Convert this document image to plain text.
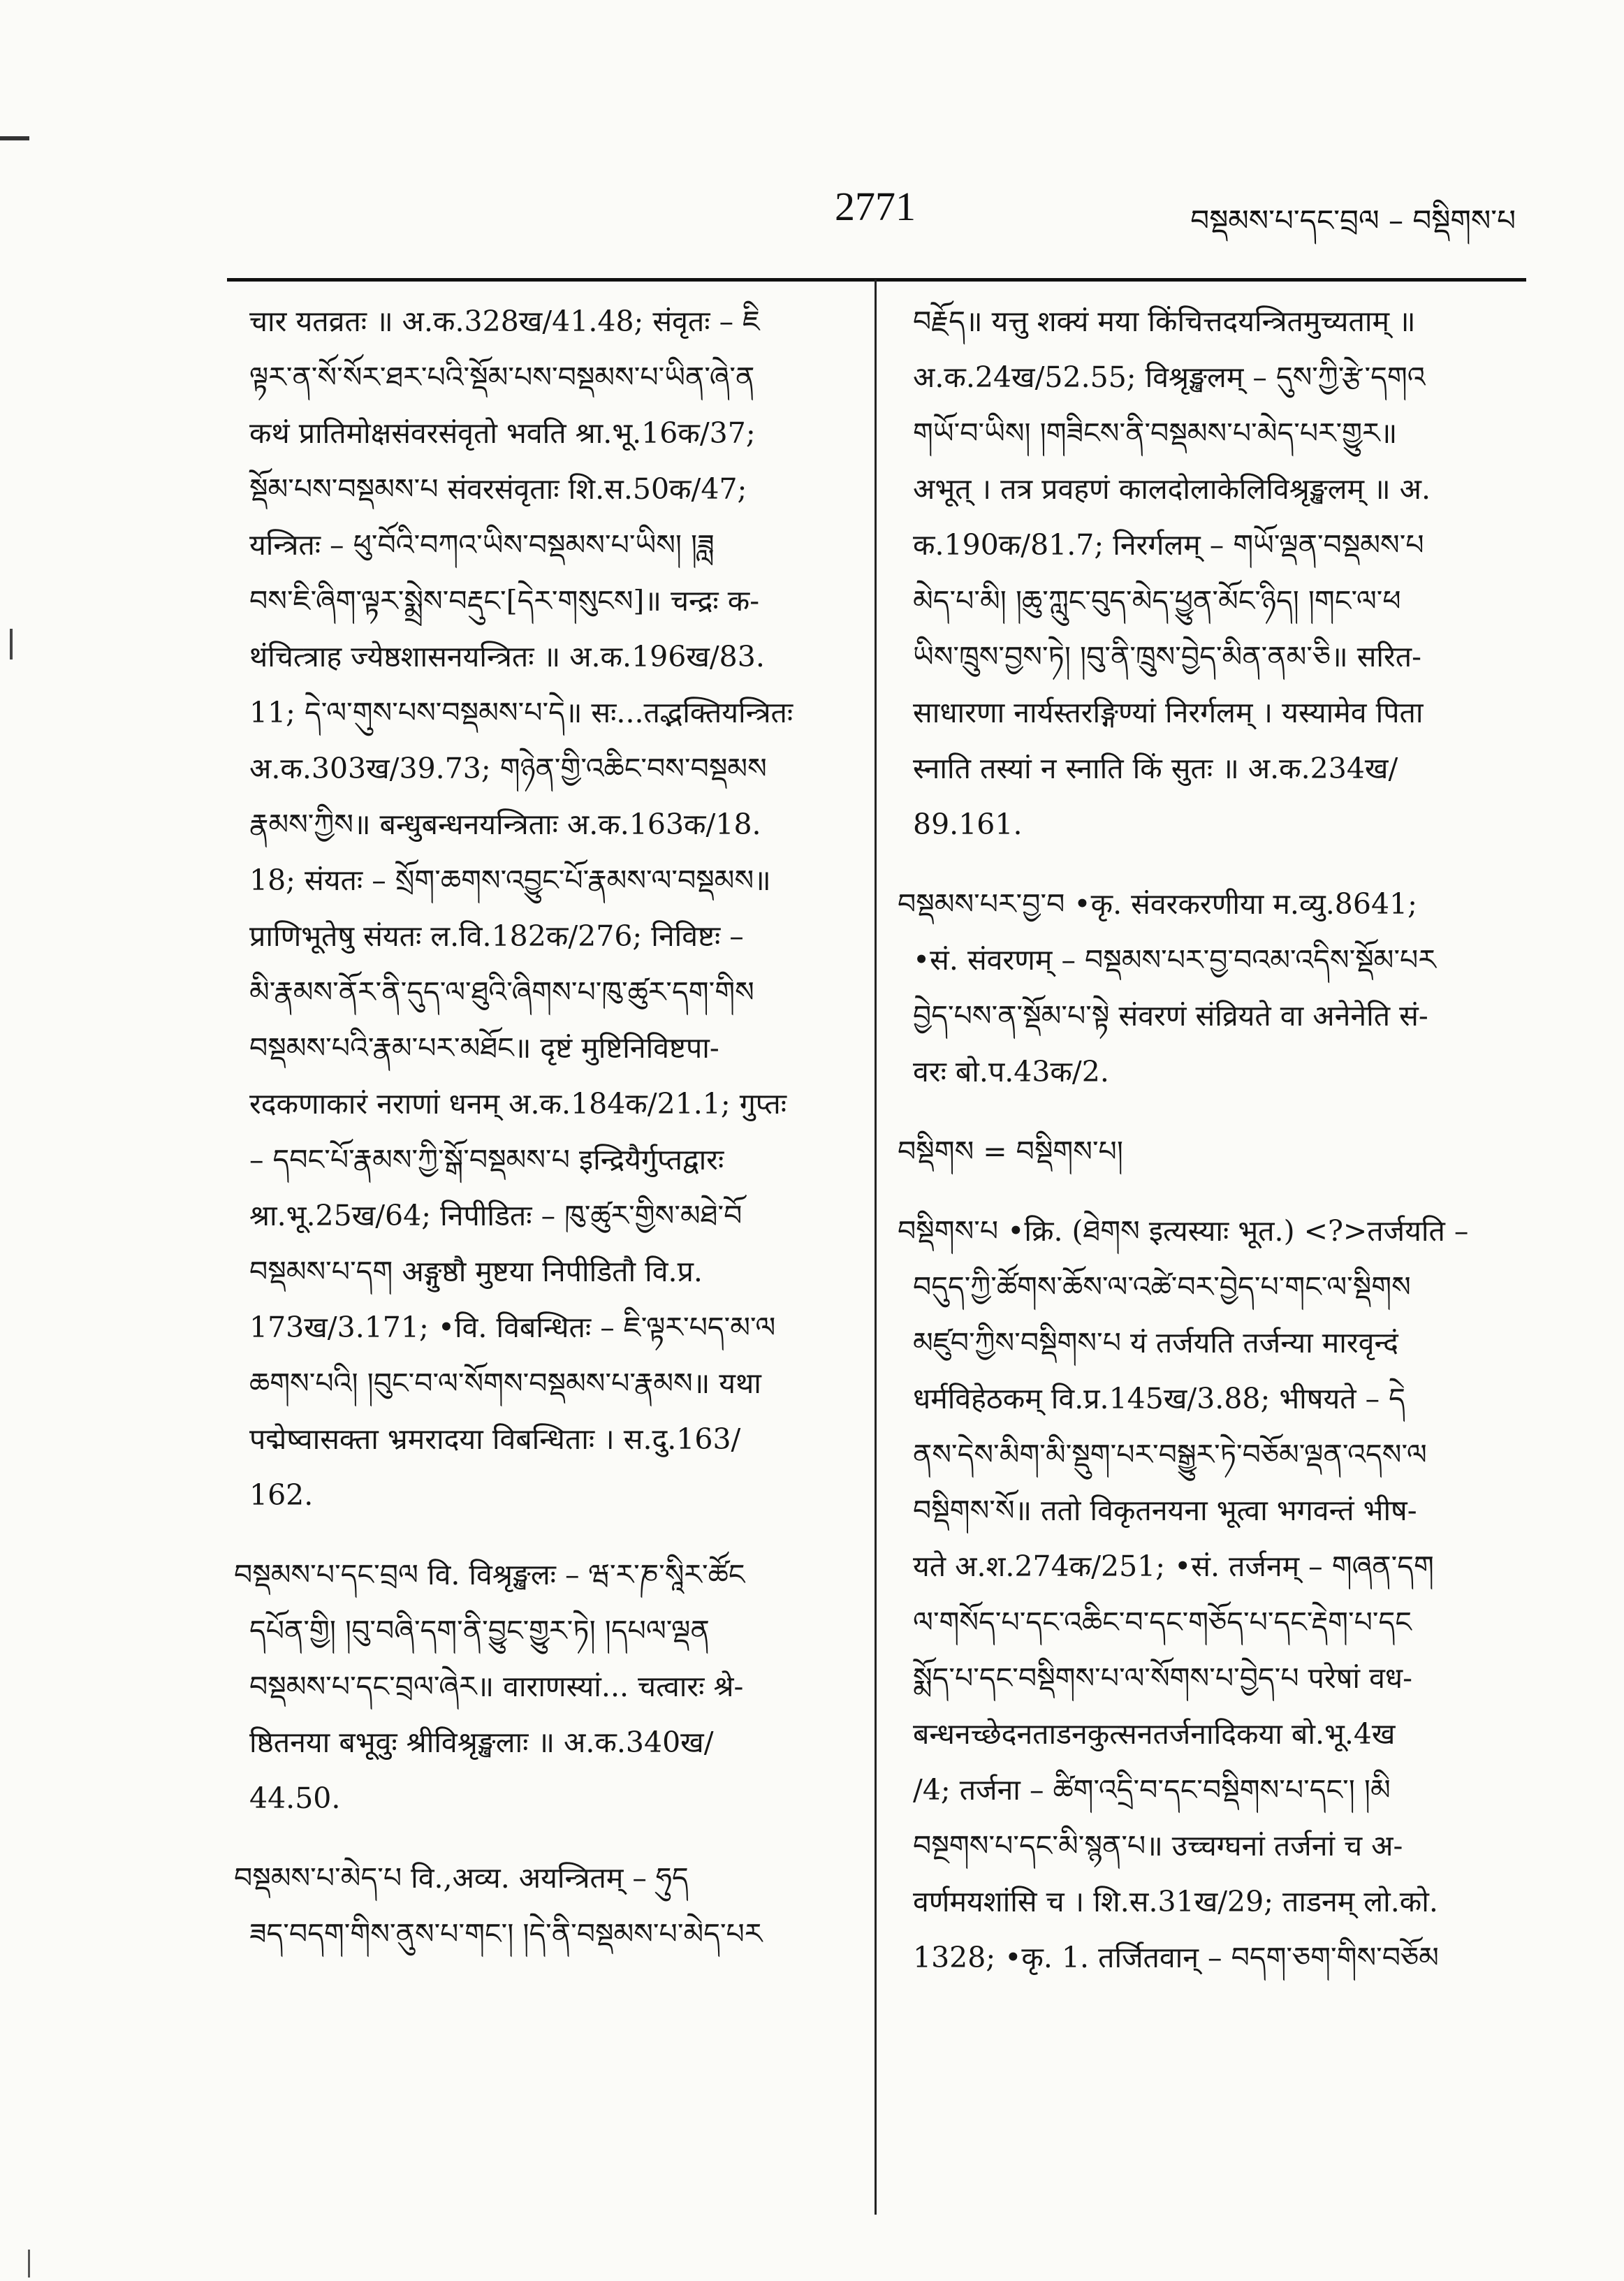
2771	བསྡམས་པ་དང་བྲལ – བསྡིགས་པ
चार यतव्रतः ॥ अ.क.328ख/41.48; संवृतः – ཇི
ལྟར་ན་སོ་སོར་ཐར་པའི་སྡོམ་པས་བསྡམས་པ་ཡིན་ཞེ་ན
कथं प्रातिमोक्षसंवरसंवृतो भवति श्रा.भू.16क/37;
སྡོམ་པས་བསྡམས་པ संवरसंवृताः शि.स.50क/47;
यन्त्रितः – ཕུ་བོའི་བཀའ་ཡིས་བསྡམས་པ་ཡིས། །ཟླ
བས་ཇི་ཞིག་ལྟར་སྨྲེས་བརྡུང་[དེར་གསུངས]॥ चन्द्रः क-
थंचित्त्राह ज्येष्ठशासनयन्त्रितः ॥ अ.क.196ख/83.
11; དེ་ལ་གུས་པས་བསྡམས་པ་དེ॥ सः...तद्भक्तियन्त्रितः
अ.क.303ख/39.73; གཉེན་གྱི་འཆིང་བས་བསྡམས
རྣམས་ཀྱིས॥ बन्धुबन्धनयन्त्रिताः अ.क.163क/18.
18; संयतः – སྲོག་ཆགས་འབྱུང་པོ་རྣམས་ལ་བསྡམས॥
प्राणिभूतेषु संयतः ल.वि.182क/276; निविष्टः –
མི་རྣམས་ནོར་ནི་དུད་ལ་ཐུའི་ཞིགས་པ་ཁུ་ཚུར་དག་གིས
བསྡམས་པའི་རྣམ་པར་མཐོང॥ दृष्टं मुष्टिनिविष्टपा-
रदकणाकारं नराणां धनम् अ.क.184क/21.1; गुप्तः
– དབང་པོ་རྣམས་ཀྱི་སྒོ་བསྡམས་པ इन्द्रियैर्गुप्तद्वारः
श्रा.भू.25ख/64; निपीडितः – ཁུ་ཚུར་གྱིས་མཐེ་བོ
བསྡམས་པ་དག अङ्गुष्ठौ मुष्टया निपीडितौ वि.प्र.
173ख/3.171; •वि. विबन्धितः – ཇི་ལྟར་པད་མ་ལ
ཆགས་པའི། །བུང་བ་ལ་སོགས་བསྡམས་པ་རྣམས॥ यथा
पद्मेष्वासक्ता भ्रमरादया विबन्धिताः । स.दु.163/
162.
བསྡམས་པ་དང་བྲལ वि. विश्रृङ्खलः – ཝ་ར་ཎ་སཱིར་ཚོང
དཔོན་གྱི། །བུ་བཞི་དག་ནི་བྱུང་གྱུར་ཏེ། །དཔལ་ལྡན
བསྡམས་པ་དང་བྲལ་ཞེར॥ वाराणस्यां... चत्वारः श्रे-
ष्ठितनया बभूवुः श्रीविश्रृङ्खलाः ॥ अ.क.340ख/
44.50.
བསྡམས་པ་མེད་པ वि.,अव्य. अयन्त्रितम् – ཧུད
ཟད་བདག་གིས་ནུས་པ་གང་། །དེ་ནི་བསྡམས་པ་མེད་པར
བརྗོད॥ यत्तु शक्यं मया किंचित्तदयन्त्रितमुच्यताम् ॥
अ.क.24ख/52.55; विश्रृङ्खलम् – དུས་ཀྱི་རྩེ་དགའ
གཡོ་བ་ཡིས། །གཟིངས་ནི་བསྡམས་པ་མེད་པར་གྱུར॥
अभूत् । तत्र प्रवहणं कालदोलाकेलिविश्रृङ्खलम् ॥ अ.
क.190क/81.7; निरर्गलम् – གཡོ་ལྡན་བསྡམས་པ
མེད་པ་མི། །ཆུ་ཀླུང་བུད་མེད་ཕྱུན་མོང་ཉིད། །གང་ལ་ཕ
ཡིས་ཁྲུས་བྱས་ཏེ། །བུ་ནི་ཁྲུས་བྱེད་མིན་ནམ་ཅི॥ सरित-
साधारणा नार्यस्तरङ्गिण्यां निरर्गलम् । यस्यामेव पिता
स्नाति तस्यां न स्नाति किं सुतः ॥ अ.क.234ख/
89.161.
བསྡམས་པར་བྱ་བ •कृ. संवरकरणीया म.व्यु.8641;
•सं. संवरणम् – བསྡམས་པར་བྱ་བའམ་འདིས་སྡོམ་པར
བྱེད་པས་ན་སྡོམ་པ་སྟེ संवरणं संव्रियते वा अनेनेति सं-
वरः बो.प.43क/2.
བསྡིགས = བསྡིགས་པ།
བསྡིགས་པ •क्रि. (ཐེགས इत्यस्याः भूत.) <?>तर्जयति –
བདུད་ཀྱི་ཚོགས་ཆོས་ལ་འཚེ་བར་བྱེད་པ་གང་ལ་སྡིགས
མཛུབ་ཀྱིས་བསྡིགས་པ यं तर्जयति तर्जन्या मारवृन्दं
धर्मविहेठकम् वि.प्र.145ख/3.88; भीषयते – དེ
ནས་དེས་མིག་མི་སྡུག་པར་བསྒྱུར་ཏེ་བཅོམ་ལྡན་འདས་ལ
བསྡིགས་སོ॥ ततो विकृतनयना भूत्वा भगवन्तं भीष-
यते अ.श.274क/251; •सं. तर्जनम् – གཞན་དག
ལ་གསོད་པ་དང་འཆིང་བ་དང་གཅོད་པ་དང་རྡེག་པ་དང
སྨོད་པ་དང་བསྡིགས་པ་ལ་སོགས་པ་བྱེད་པ परेषां वध-
बन्धनच्छेदनताडनकुत्सनतर्जनादिकया बो.भू.4ख
/4; तर्जना – ཚིག་འདྲི་བ་དང་བསྡིགས་པ་དང་། །མི
བསྔགས་པ་དང་མི་སྙན་པ॥ उच्चग्घनां तर्जनां च अ-
वर्णमयशांसि च । शि.स.31ख/29; ताडनम् लो.को.
1328; •कृ. 1. तर्जितवान् – བདག་ཅག་གིས་བཅོམ
